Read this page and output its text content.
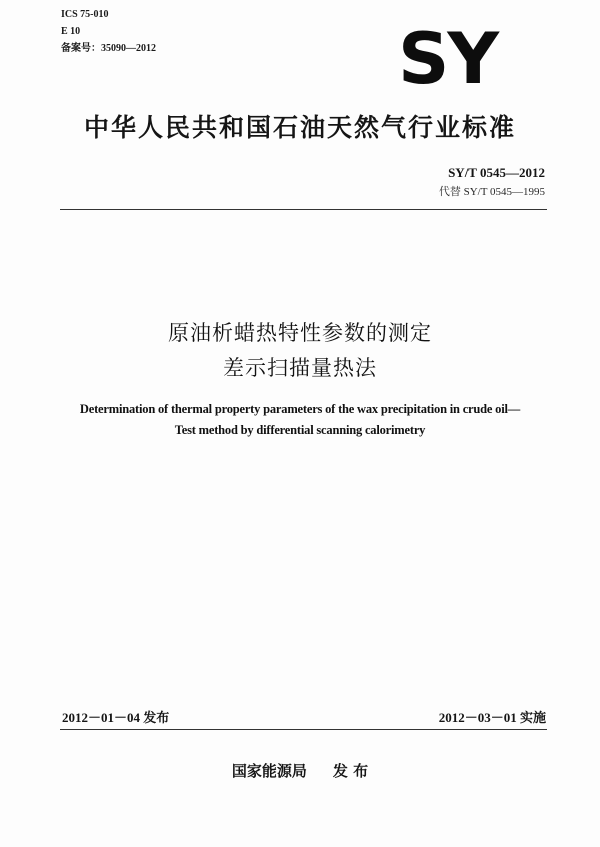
ICS 75-010
E 10
备案号：35090—2012	SY
中华人民共和国石油天然气行业标准
SY/T 0545—2012
代替 SY/T 0545—1995
原油析蜡热特性参数的测定
差示扫描量热法
Determination of thermal property parameters of the wax precipitation in crude oil—
Test method by differential scanning calorimetry
2012－01－04 发布	2012－03－01 实施
国家能源局 发 布
